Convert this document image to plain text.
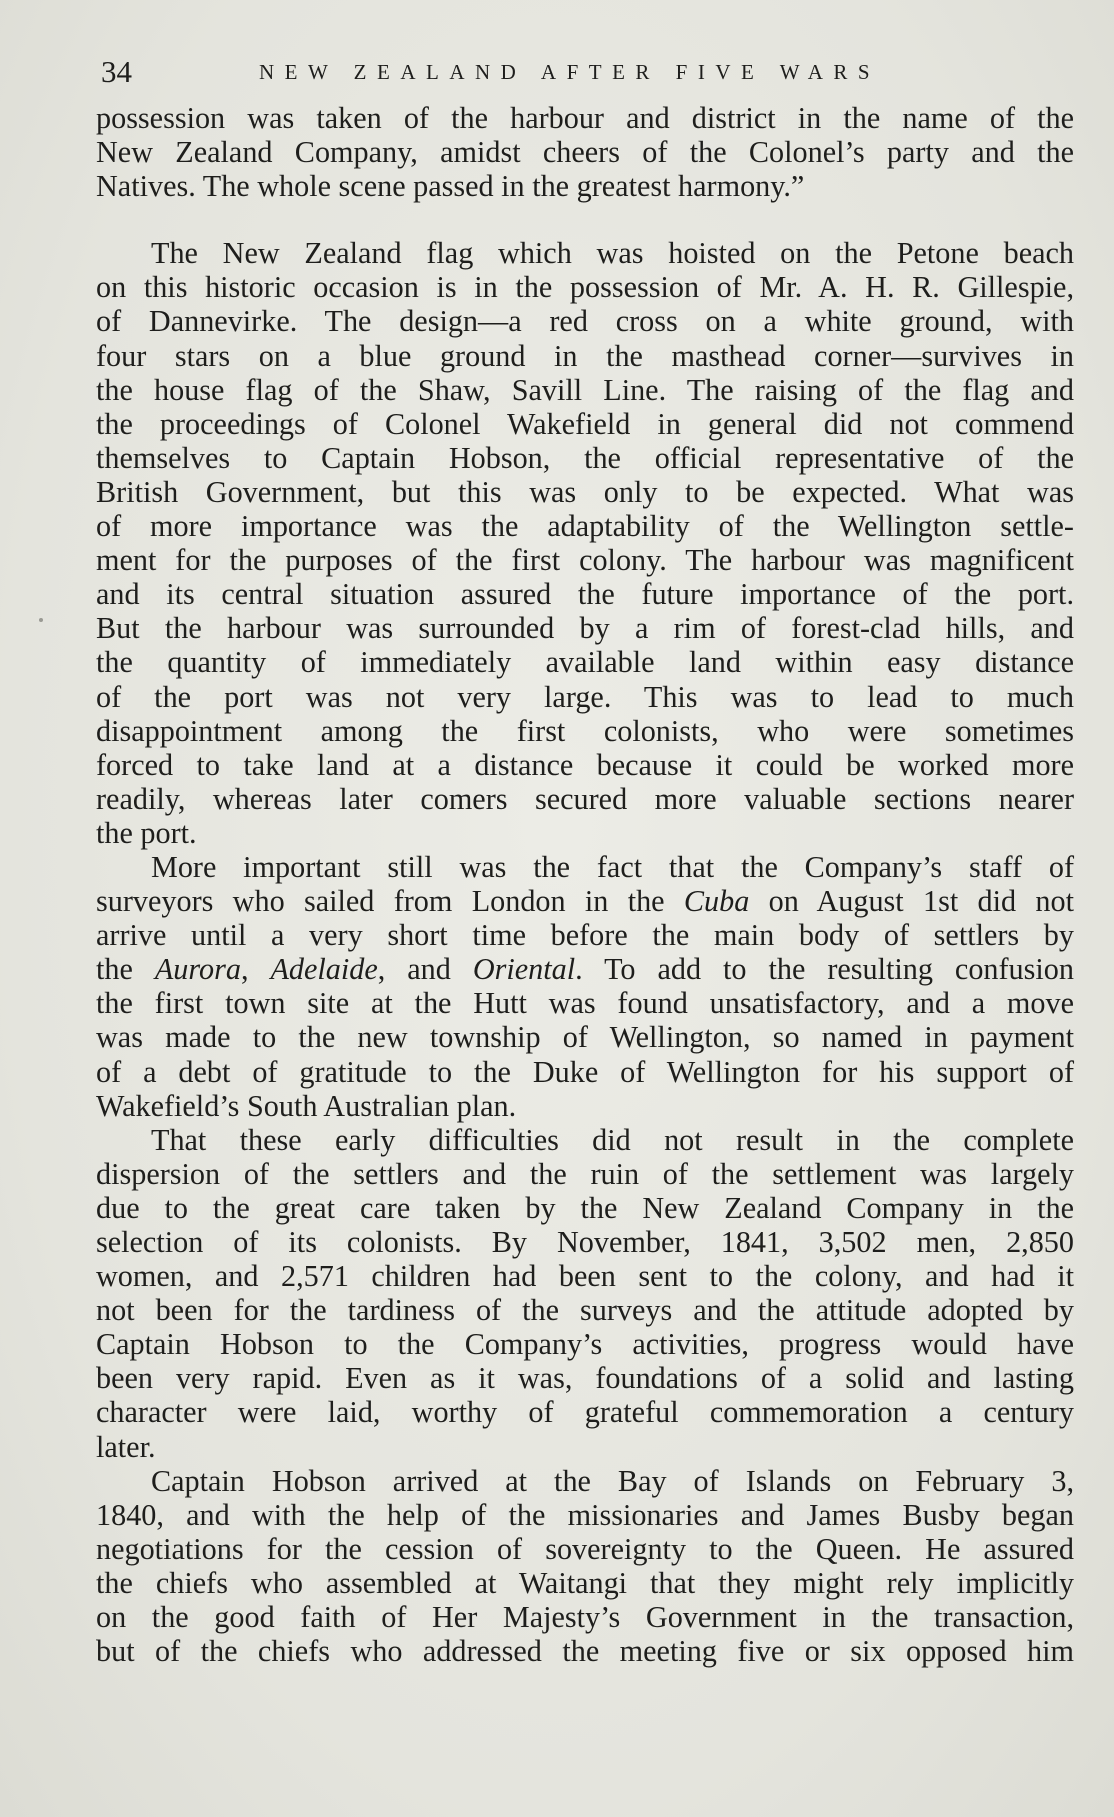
34	NEW ZEALAND AFTER FIVE WARS
possession was taken of the harbour and district in the name of the
New Zealand Company, amidst cheers of the Colonel’s party and the
Natives. The whole scene passed in the greatest harmony.”
The New Zealand flag which was hoisted on the Petone beach
on this historic occasion is in the possession of Mr. A. H. R. Gillespie,
of Dannevirke. The design—a red cross on a white ground, with
four stars on a blue ground in the masthead corner—survives in
the house flag of the Shaw, Savill Line. The raising of the flag and
the proceedings of Colonel Wakefield in general did not commend
themselves to Captain Hobson, the official representative of the
British Government, but this was only to be expected. What was
of more importance was the adaptability of the Wellington settle-
ment for the purposes of the first colony. The harbour was magnificent
and its central situation assured the future importance of the port.
But the harbour was surrounded by a rim of forest-clad hills, and
the quantity of immediately available land within easy distance
of the port was not very large. This was to lead to much
disappointment among the first colonists, who were sometimes
forced to take land at a distance because it could be worked more
readily, whereas later comers secured more valuable sections nearer
the port.
More important still was the fact that the Company’s staff of
surveyors who sailed from London in the Cuba on August 1st did not
arrive until a very short time before the main body of settlers by
the Aurora, Adelaide, and Oriental. To add to the resulting confusion
the first town site at the Hutt was found unsatisfactory, and a move
was made to the new township of Wellington, so named in payment
of a debt of gratitude to the Duke of Wellington for his support of
Wakefield’s South Australian plan.
That these early difficulties did not result in the complete
dispersion of the settlers and the ruin of the settlement was largely
due to the great care taken by the New Zealand Company in the
selection of its colonists. By November, 1841, 3,502 men, 2,850
women, and 2,571 children had been sent to the colony, and had it
not been for the tardiness of the surveys and the attitude adopted by
Captain Hobson to the Company’s activities, progress would have
been very rapid. Even as it was, foundations of a solid and lasting
character were laid, worthy of grateful commemoration a century
later.
Captain Hobson arrived at the Bay of Islands on February 3,
1840, and with the help of the missionaries and James Busby began
negotiations for the cession of sovereignty to the Queen. He assured
the chiefs who assembled at Waitangi that they might rely implicitly
on the good faith of Her Majesty’s Government in the transaction,
but of the chiefs who addressed the meeting five or six opposed him
